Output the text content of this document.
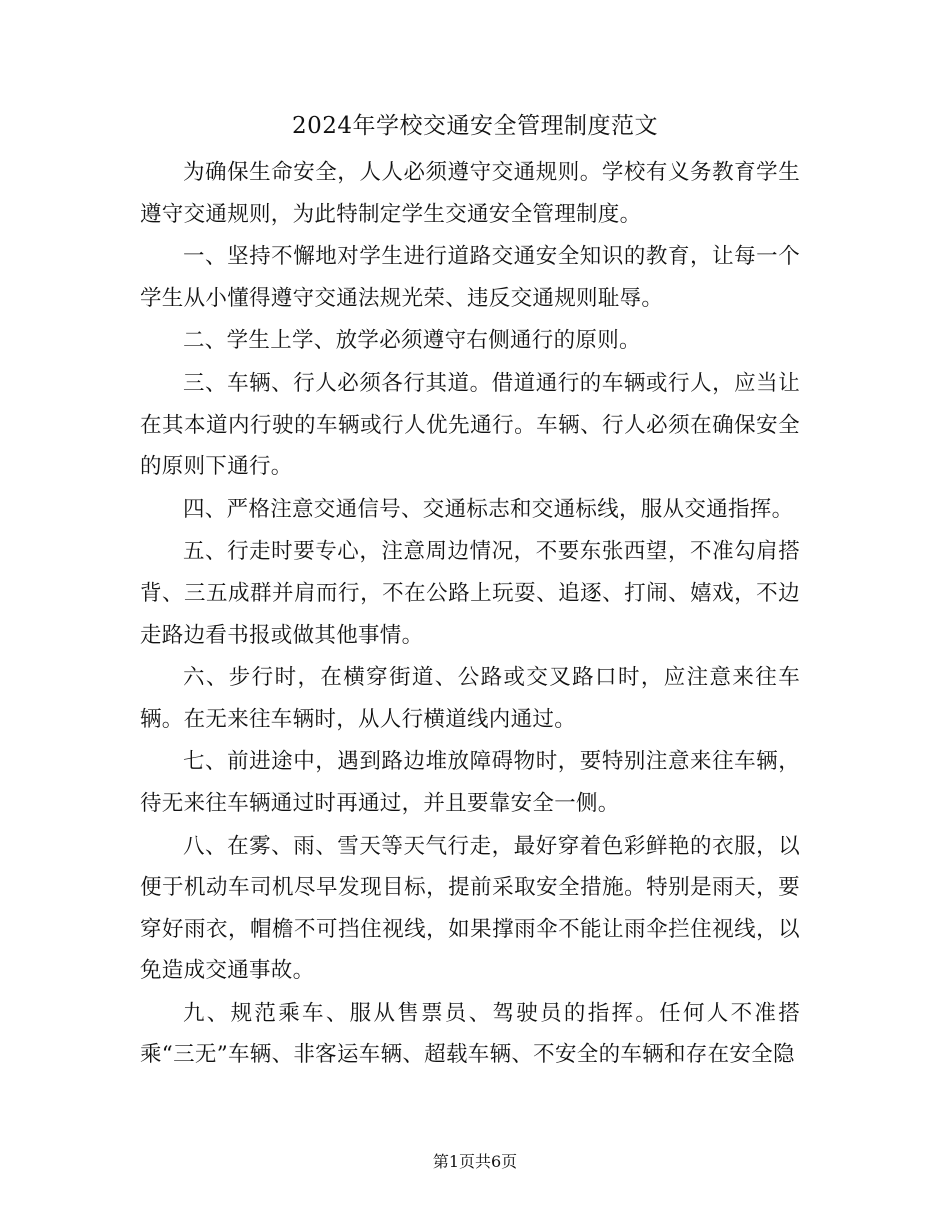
2024年学校交通安全管理制度范文

为确保生命安全，人人必须遵守交通规则。学校有义务教育学生遵守交通规则，为此特制定学生交通安全管理制度。

一、坚持不懈地对学生进行道路交通安全知识的教育，让每一个学生从小懂得遵守交通法规光荣、违反交通规则耻辱。

二、学生上学、放学必须遵守右侧通行的原则。

三、车辆、行人必须各行其道。借道通行的车辆或行人，应当让在其本道内行驶的车辆或行人优先通行。车辆、行人必须在确保安全的原则下通行。

四、严格注意交通信号、交通标志和交通标线，服从交通指挥。

五、行走时要专心，注意周边情况，不要东张西望，不准勾肩搭背、三五成群并肩而行，不在公路上玩耍、追逐、打闹、嬉戏，不边走路边看书报或做其他事情。

六、步行时，在横穿街道、公路或交叉路口时，应注意来往车辆。在无来往车辆时，从人行横道线内通过。

七、前进途中，遇到路边堆放障碍物时，要特别注意来往车辆，待无来往车辆通过时再通过，并且要靠安全一侧。

八、在雾、雨、雪天等天气行走，最好穿着色彩鲜艳的衣服，以便于机动车司机尽早发现目标，提前采取安全措施。特别是雨天，要穿好雨衣，帽檐不可挡住视线，如果撑雨伞不能让雨伞拦住视线，以免造成交通事故。

九、规范乘车、服从售票员、驾驶员的指挥。任何人不准搭乘“三无”车辆、非客运车辆、超载车辆、不安全的车辆和存在安全隐

第1页共6页
